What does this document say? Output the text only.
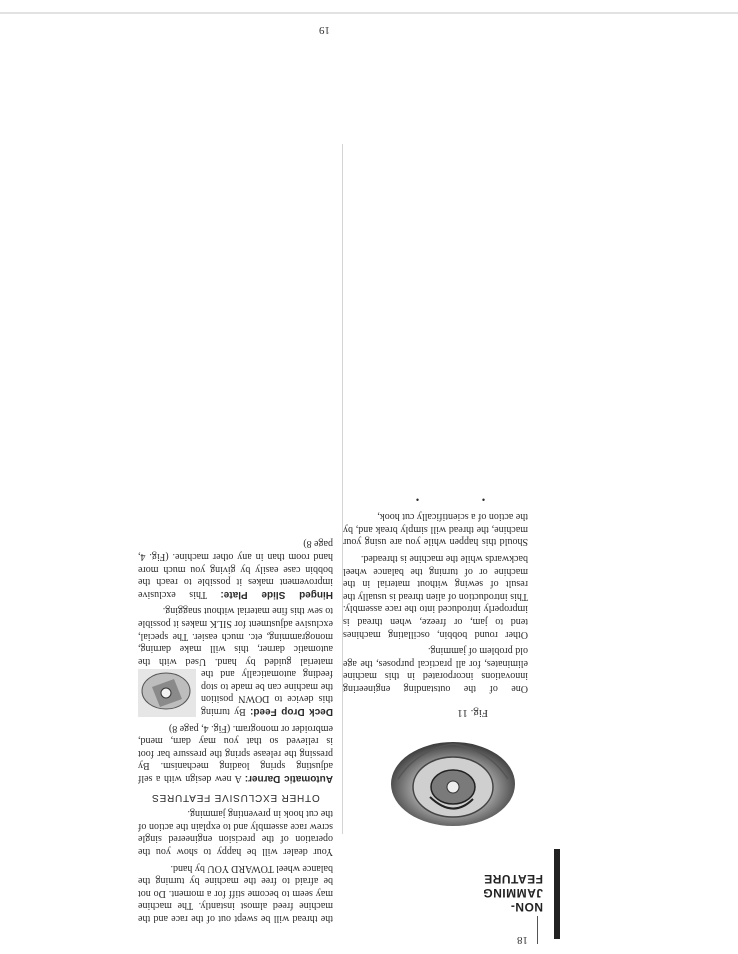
NON-
JAMMING
FEATURE
18
Fig. 11

One of the outstanding engineering innovations incorporated in this machine eliminates, for all practical purposes, the age old problem of jamming.

Other round bobbin, oscillating machines tend to jam, or freeze, when thread is improperly introduced into the race assembly. This introduction of alien thread is usually the result of sewing without material in the machine or of turning the balance wheel backwards while the machine is threaded.

Should this happen while you are using your machine, the thread will simply break and, by the action of a scientifically cut hook,

• •

the thread will be swept out of the race and the machine freed almost instantly. The machine may seem to become stiff for a moment. Do not be afraid to free the machine by turning the balance wheel TOWARD YOU by hand.

Your dealer will be happy to show you the operation of the precision engineered single screw race assembly and to explain the action of the cut hook in preventing jamming.

OTHER EXCLUSIVE FEATURES

Automatic Darner: A new design with a self adjusting spring loading mechanism. By pressing the release spring the pressure bar foot is relieved so that you may darn, mend, embroider or monogram. (Fig. 4, page 8)

Deck Drop Feed: By turning this device to DOWN position the machine can be made to stop feeding automatically and the material guided by hand. Used with the automatic darner, this will make darning, monogramming, etc. much easier. The special, exclusive adjustment for SILK makes it possible to sew this fine material without snagging.

Hinged Slide Plate: This exclusive improvement makes it possible to reach the bobbin case easily by giving you much more hand room than in any other machine. (Fig. 4, page 8)

19
